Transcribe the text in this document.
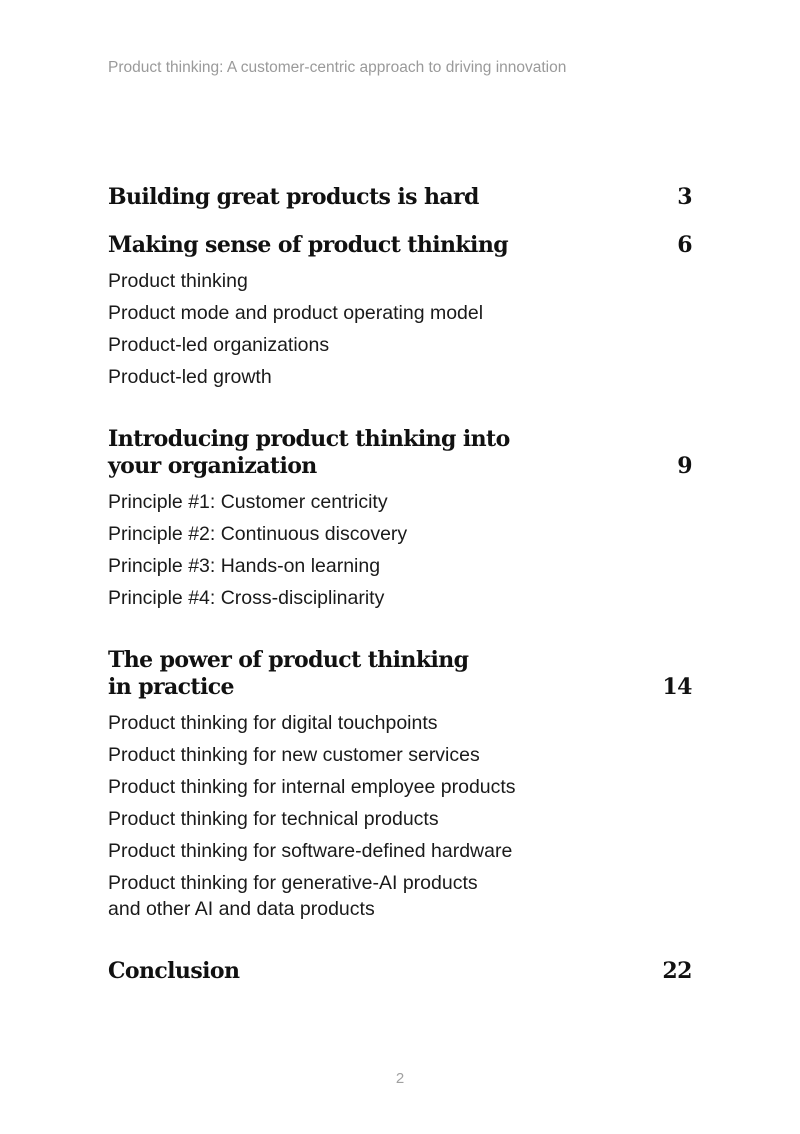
Product thinking: A customer-centric approach to driving innovation
Building great products is hard	3
Making sense of product thinking	6
Product thinking
Product mode and product operating model
Product-led organizations
Product-led growth
Introducing product thinking into
your organization	9
Principle #1: Customer centricity
Principle #2: Continuous discovery
Principle #3: Hands-on learning
Principle #4: Cross-disciplinarity
The power of product thinking
in practice	14
Product thinking for digital touchpoints
Product thinking for new customer services
Product thinking for internal employee products
Product thinking for technical products
Product thinking for software-defined hardware
Product thinking for generative-AI products
and other AI and data products
Conclusion	22
2
